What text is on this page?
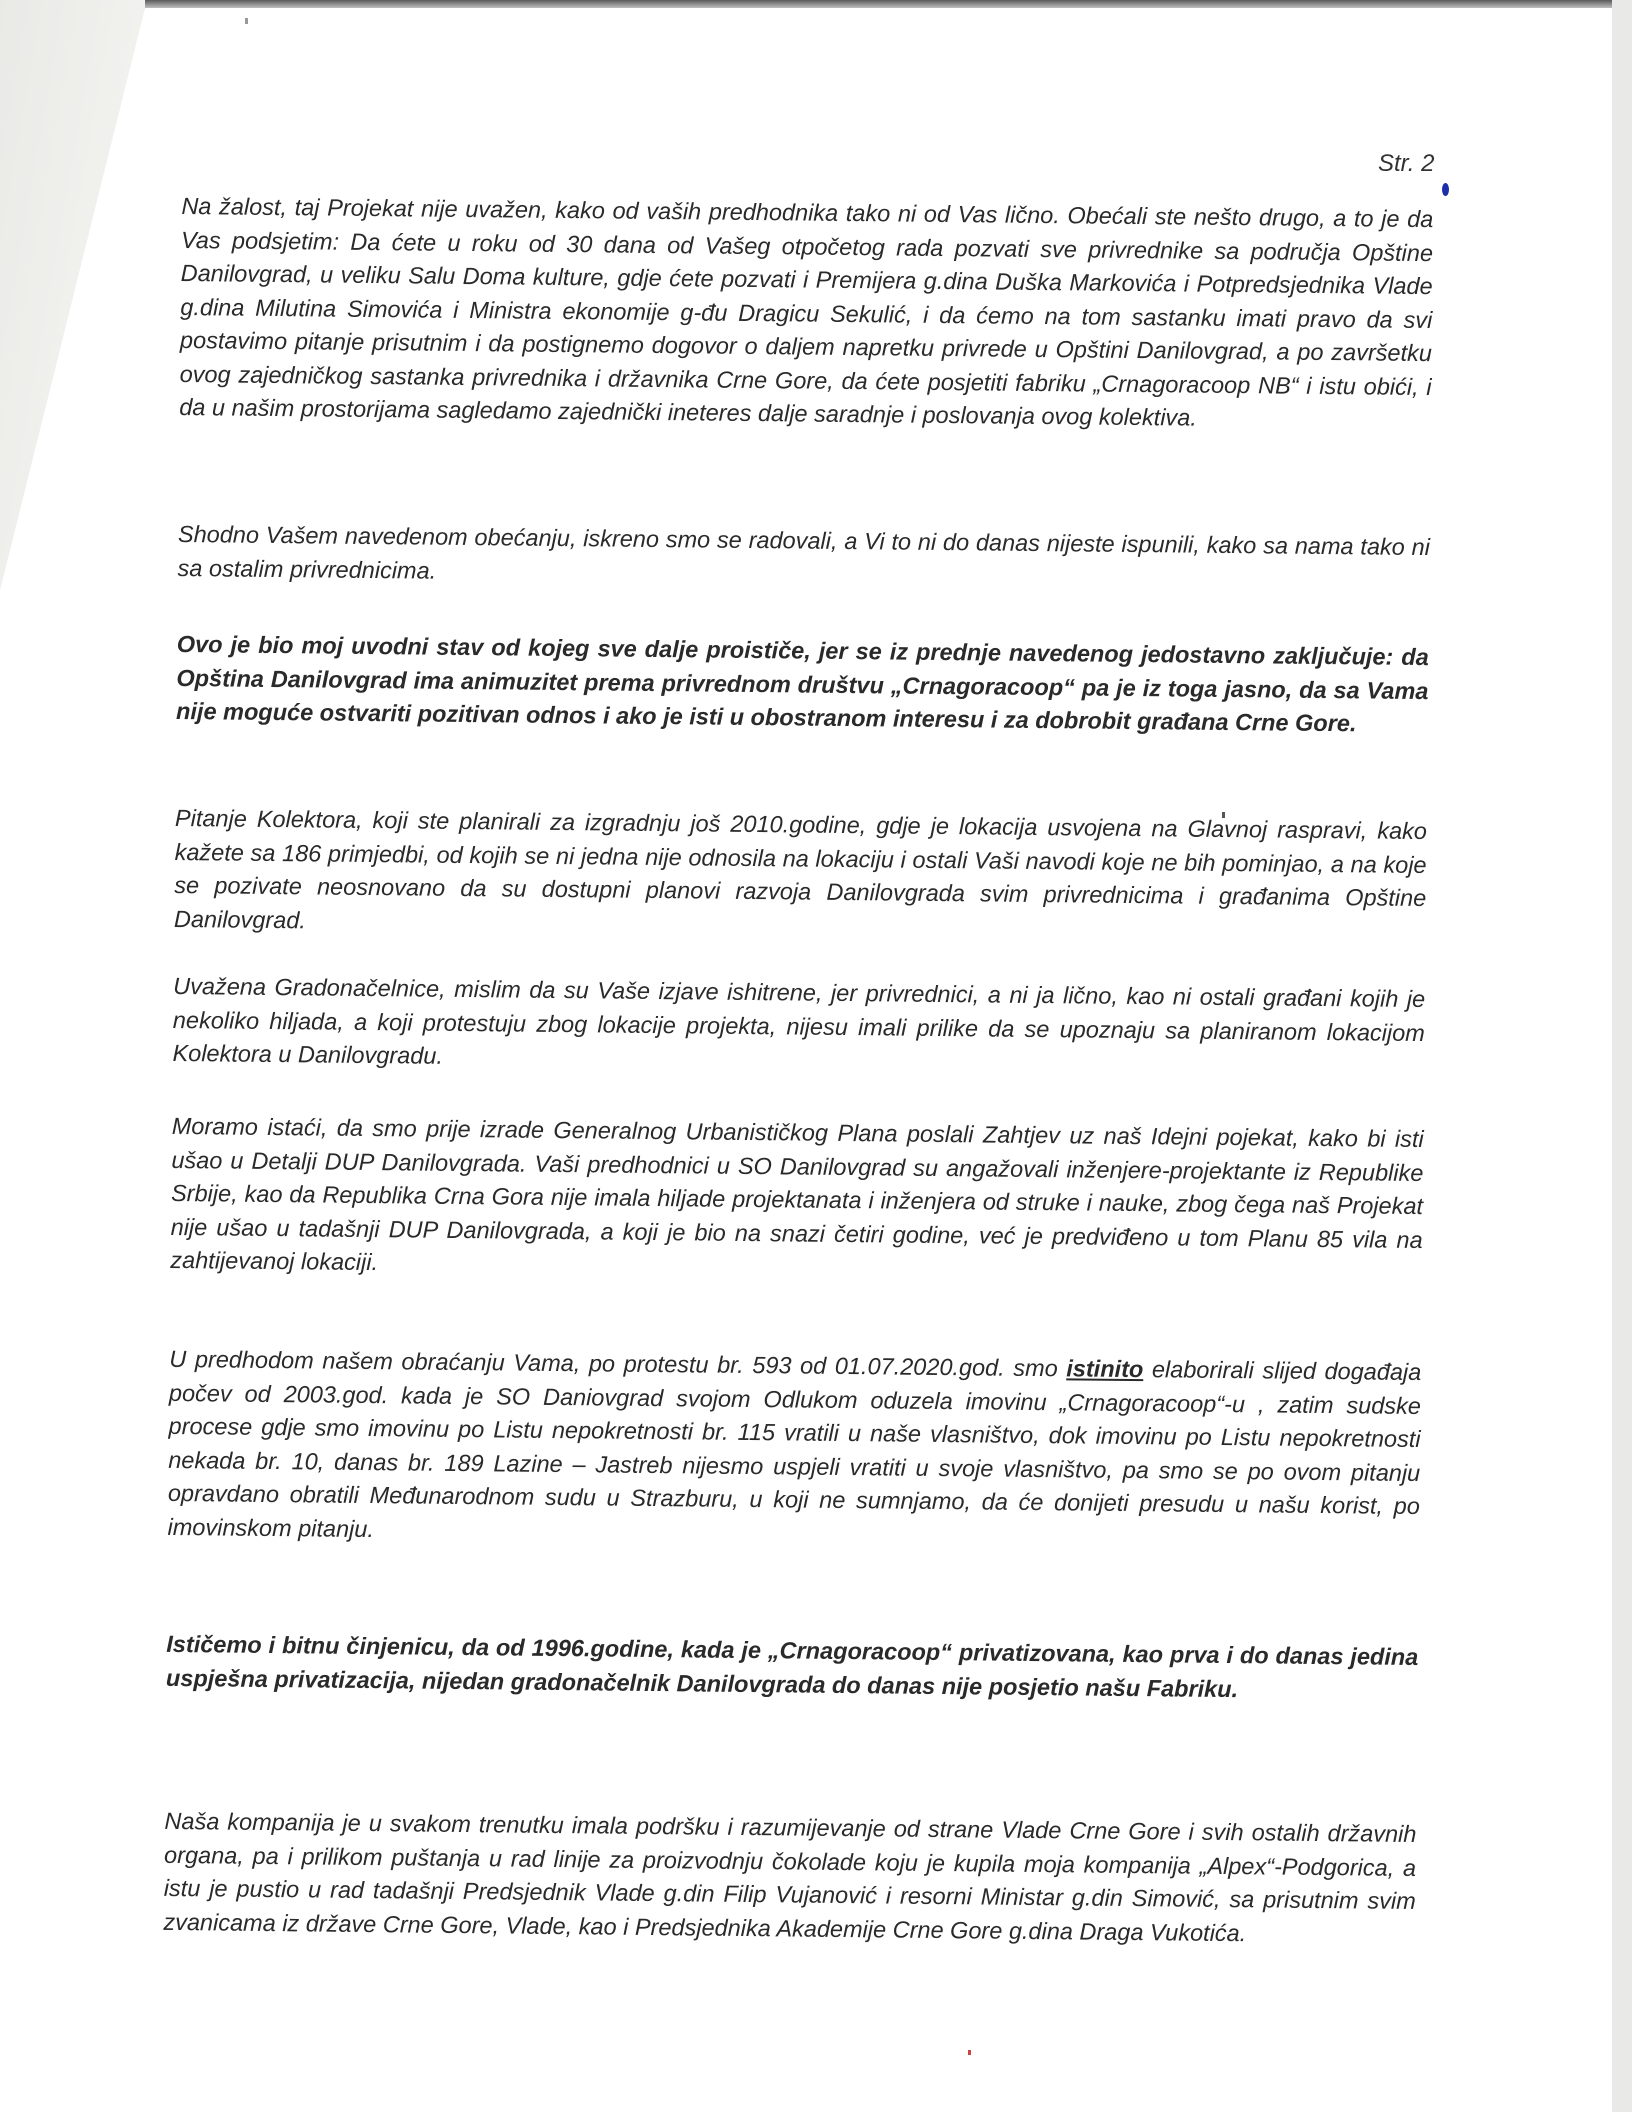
Str. 2

Na žalost, taj Projekat nije uvažen, kako od vaših predhodnika tako ni od Vas lično. Obećali ste nešto drugo, a to je da Vas podsjetim: Da ćete u roku od 30 dana od Vašeg otpočetog rada pozvati sve privrednike sa područja Opštine Danilovgrad, u veliku Salu Doma kulture, gdje ćete pozvati i Premijera g.dina Duška Markovića i Potpredsjednika Vlade g.dina Milutina Simovića i Ministra ekonomije g-đu Dragicu Sekulić, i da ćemo na tom sastanku imati pravo da svi postavimo pitanje prisutnim i da postignemo dogovor o daljem napretku privrede u Opštini Danilovgrad, a po završetku ovog zajedničkog sastanka privrednika i državnika Crne Gore, da ćete posjetiti fabriku „Crnagoracoop NB“ i istu obići, i da u našim prostorijama sagledamo zajednički ineteres dalje saradnje i poslovanja ovog kolektiva.

Shodno Vašem navedenom obećanju, iskreno smo se radovali, a Vi to ni do danas nijeste ispunili, kako sa nama tako ni sa ostalim privrednicima.

Ovo je bio moj uvodni stav od kojeg sve dalje proističe, jer se iz prednje navedenog jedostavno zaključuje: da Opština Danilovgrad ima animuzitet prema privrednom društvu „Crnagoracoop“ pa je iz toga jasno, da sa Vama nije moguće ostvariti pozitivan odnos i ako je isti u obostranom interesu i za dobrobit građana Crne Gore.

Pitanje Kolektora, koji ste planirali za izgradnju još 2010.godine, gdje je lokacija usvojena na Glavnoj raspravi, kako kažete sa 186 primjedbi, od kojih se ni jedna nije odnosila na lokaciju i ostali Vaši navodi koje ne bih pominjao, a na koje se pozivate neosnovano da su dostupni planovi razvoja Danilovgrada svim privrednicima i građanima Opštine Danilovgrad.

Uvažena Gradonačelnice, mislim da su Vaše izjave ishitrene, jer privrednici, a ni ja lično, kao ni ostali građani kojih je nekoliko hiljada, a koji protestuju zbog lokacije projekta, nijesu imali prilike da se upoznaju sa planiranom lokacijom Kolektora u Danilovgradu.

Moramo istaći, da smo prije izrade Generalnog Urbanističkog Plana poslali Zahtjev uz naš Idejni pojekat, kako bi isti ušao u Detalji DUP Danilovgrada. Vaši predhodnici u SO Danilovgrad su angažovali inženjere-projektante iz Republike Srbije, kao da Republika Crna Gora nije imala hiljade projektanata i inženjera od struke i nauke, zbog čega naš Projekat nije ušao u tadašnji DUP Danilovgrada, a koji je bio na snazi četiri godine, već je predviđeno u tom Planu 85 vila na zahtijevanoj lokaciji.

U predhodom našem obraćanju Vama, po protestu br. 593 od 01.07.2020.god. smo istinito elaborirali slijed događaja počev od 2003.god. kada je SO Daniovgrad svojom Odlukom oduzela imovinu „Crnagoracoop“-u , zatim sudske procese gdje smo imovinu po Listu nepokretnosti br. 115 vratili u naše vlasništvo, dok imovinu po Listu nepokretnosti nekada br. 10, danas br. 189 Lazine – Jastreb nijesmo uspjeli vratiti u svoje vlasništvo, pa smo se po ovom pitanju opravdano obratili Međunarodnom sudu u Strazburu, u koji ne sumnjamo, da će donijeti presudu u našu korist, po imovinskom pitanju.

Ističemo i bitnu činjenicu, da od 1996.godine, kada je „Crnagoracoop“ privatizovana, kao prva i do danas jedina uspješna privatizacija, nijedan gradonačelnik Danilovgrada do danas nije posjetio našu Fabriku.

Naša kompanija je u svakom trenutku imala podršku i razumijevanje od strane Vlade Crne Gore i svih ostalih državnih organa, pa i prilikom puštanja u rad linije za proizvodnju čokolade koju je kupila moja kompanija „Alpex“-Podgorica, a istu je pustio u rad tadašnji Predsjednik Vlade g.din Filip Vujanović i resorni Ministar g.din Simović, sa prisutnim svim zvanicama iz države Crne Gore, Vlade, kao i Predsjednika Akademije Crne Gore g.dina Draga Vukotića.
